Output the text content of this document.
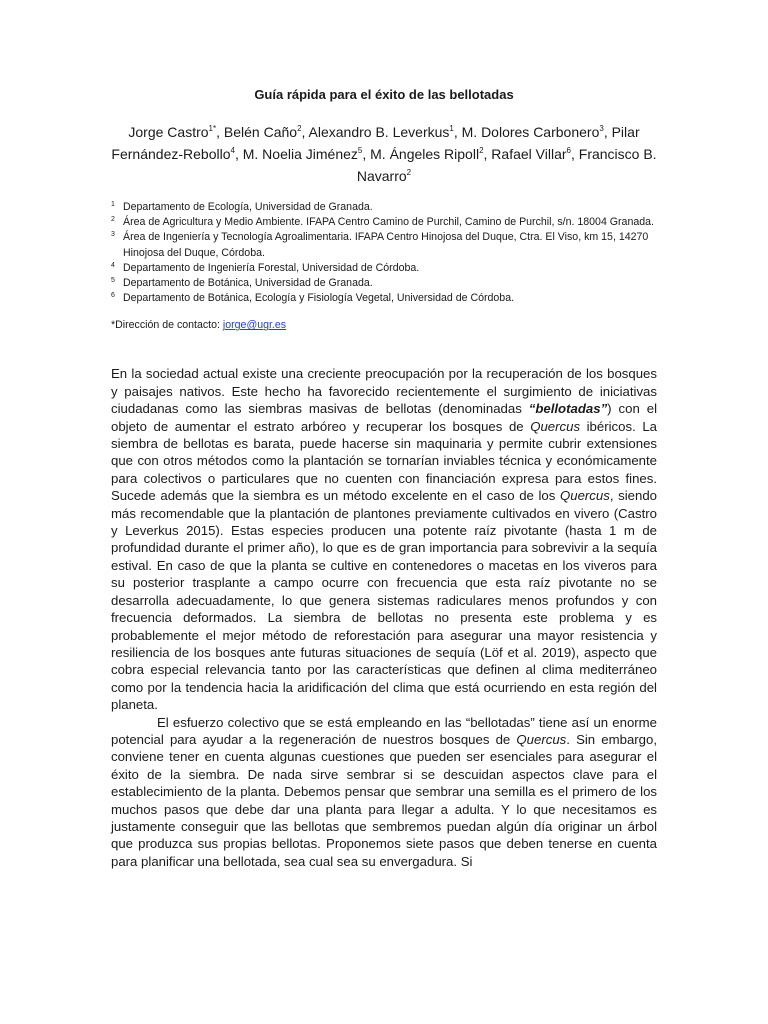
Guía rápida para el éxito de las bellotadas
Jorge Castro$^{1*}$, Belén Caño$^2$, Alexandro B. Leverkus$^1$, M. Dolores Carbonero$^3$, Pilar Fernández-Rebollo$^4$, M. Noelia Jiménez$^5$, M. Ángeles Ripoll$^2$, Rafael Villar$^6$, Francisco B. Navarro$^2$
1 Departamento de Ecología, Universidad de Granada.
2 Área de Agricultura y Medio Ambiente. IFAPA Centro Camino de Purchil, Camino de Purchil, s/n. 18004 Granada.
3 Área de Ingeniería y Tecnología Agroalimentaria. IFAPA Centro Hinojosa del Duque, Ctra. El Viso, km 15, 14270 Hinojosa del Duque, Córdoba.
4 Departamento de Ingeniería Forestal, Universidad de Córdoba.
5 Departamento de Botánica, Universidad de Granada.
6 Departamento de Botánica, Ecología y Fisiología Vegetal, Universidad de Córdoba.
*Dirección de contacto: jorge@ugr.es

En la sociedad actual existe una creciente preocupación por la recuperación de los bosques y paisajes nativos. Este hecho ha favorecido recientemente el surgimiento de iniciativas ciudadanas como las siembras masivas de bellotas (denominadas “bellotadas”) con el objeto de aumentar el estrato arbóreo y recuperar los bosques de Quercus ibéricos. La siembra de bellotas es barata, puede hacerse sin maquinaria y permite cubrir extensiones que con otros métodos como la plantación se tornarían inviables técnica y económicamente para colectivos o particulares que no cuenten con financiación expresa para estos fines. Sucede además que la siembra es un método excelente en el caso de los Quercus, siendo más recomendable que la plantación de plantones previamente cultivados en vivero (Castro y Leverkus 2015). Estas especies producen una potente raíz pivotante (hasta 1 m de profundidad durante el primer año), lo que es de gran importancia para sobrevivir a la sequía estival. En caso de que la planta se cultive en contenedores o macetas en los viveros para su posterior trasplante a campo ocurre con frecuencia que esta raíz pivotante no se desarrolla adecuadamente, lo que genera sistemas radiculares menos profundos y con frecuencia deformados. La siembra de bellotas no presenta este problema y es probablemente el mejor método de reforestación para asegurar una mayor resistencia y resiliencia de los bosques ante futuras situaciones de sequía (Löf et al. 2019), aspecto que cobra especial relevancia tanto por las características que definen al clima mediterráneo como por la tendencia hacia la aridificación del clima que está ocurriendo en esta región del planeta.

El esfuerzo colectivo que se está empleando en las “bellotadas” tiene así un enorme potencial para ayudar a la regeneración de nuestros bosques de Quercus. Sin embargo, conviene tener en cuenta algunas cuestiones que pueden ser esenciales para asegurar el éxito de la siembra. De nada sirve sembrar si se descuidan aspectos clave para el establecimiento de la planta. Debemos pensar que sembrar una semilla es el primero de los muchos pasos que debe dar una planta para llegar a adulta. Y lo que necesitamos es justamente conseguir que las bellotas que sembremos puedan algún día originar un árbol que produzca sus propias bellotas. Proponemos siete pasos que deben tenerse en cuenta para planificar una bellotada, sea cual sea su envergadura. Si
